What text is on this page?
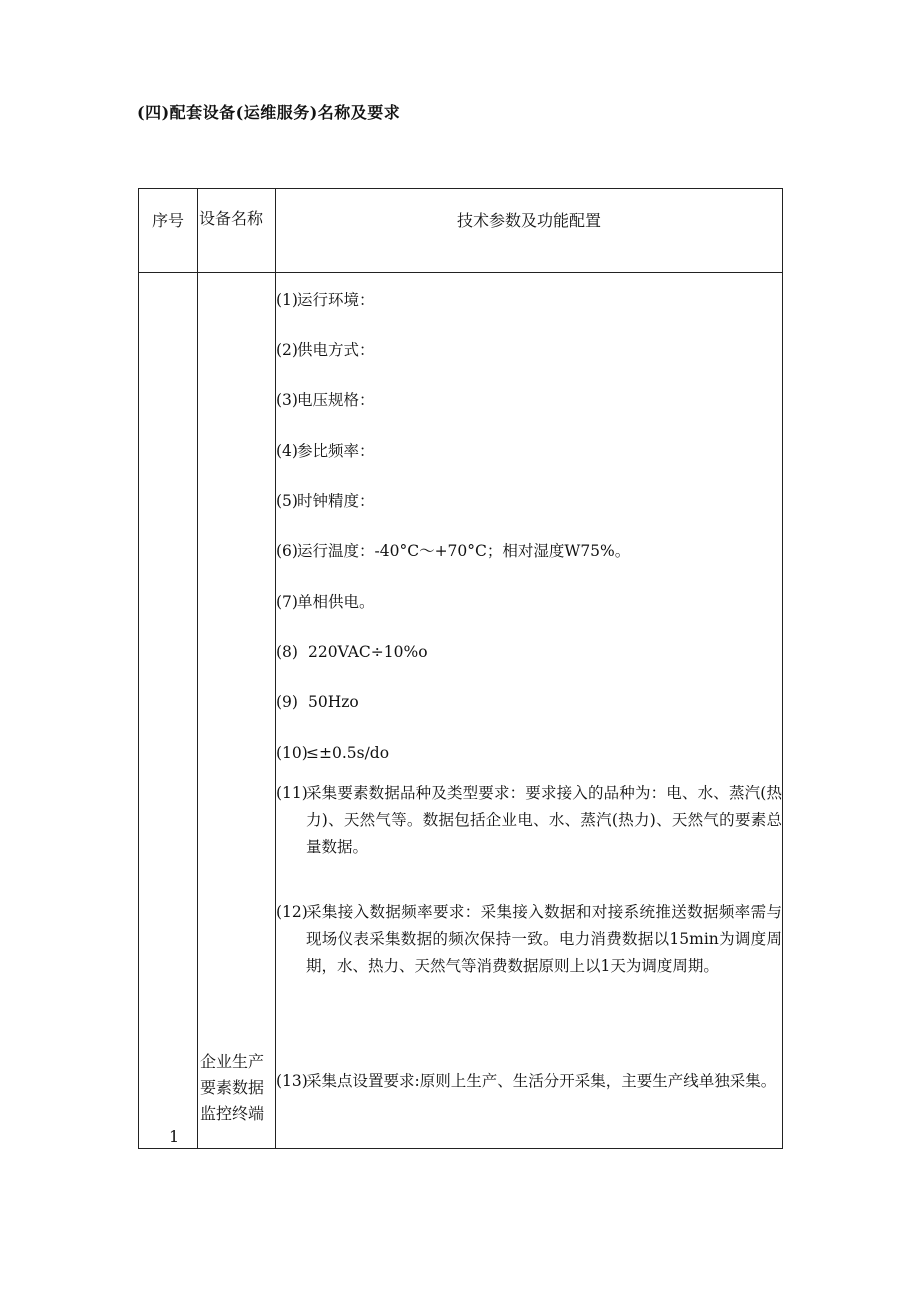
(四)配套设备(运维服务)名称及要求
序号 设备名称	技术参数及功能配置
1
企业生产要素数据监控终端
(1) 运行环境：
(2) 供电方式：
(3) 电压规格：
(4) 参比频率：
(5) 时钟精度：
(6) 运行温度：-40°C～+70°C；相对湿度W75%。
(7) 单相供电。
(8) 220VAC÷10%o
(9) 50Hzo
(10)
≤±0.5s∕do
(11)
采集要素数据品种及类型要求：要求接入的品种为：电、水、蒸汽(热力)、天然气等。数据包括企业电、水、蒸汽(热力)、天然气的要素总量数据。
(12)
采集接入数据频率要求：采集接入数据和对接系统推送数据频率需与现场仪表采集数据的频次保持一致。电力消费数据以15min为调度周期，水、热力、天然气等消费数据原则上以1天为调度周期。
(13)
采集点设置要求:原则上生产、生活分开采集，主要生产线单独采集。
